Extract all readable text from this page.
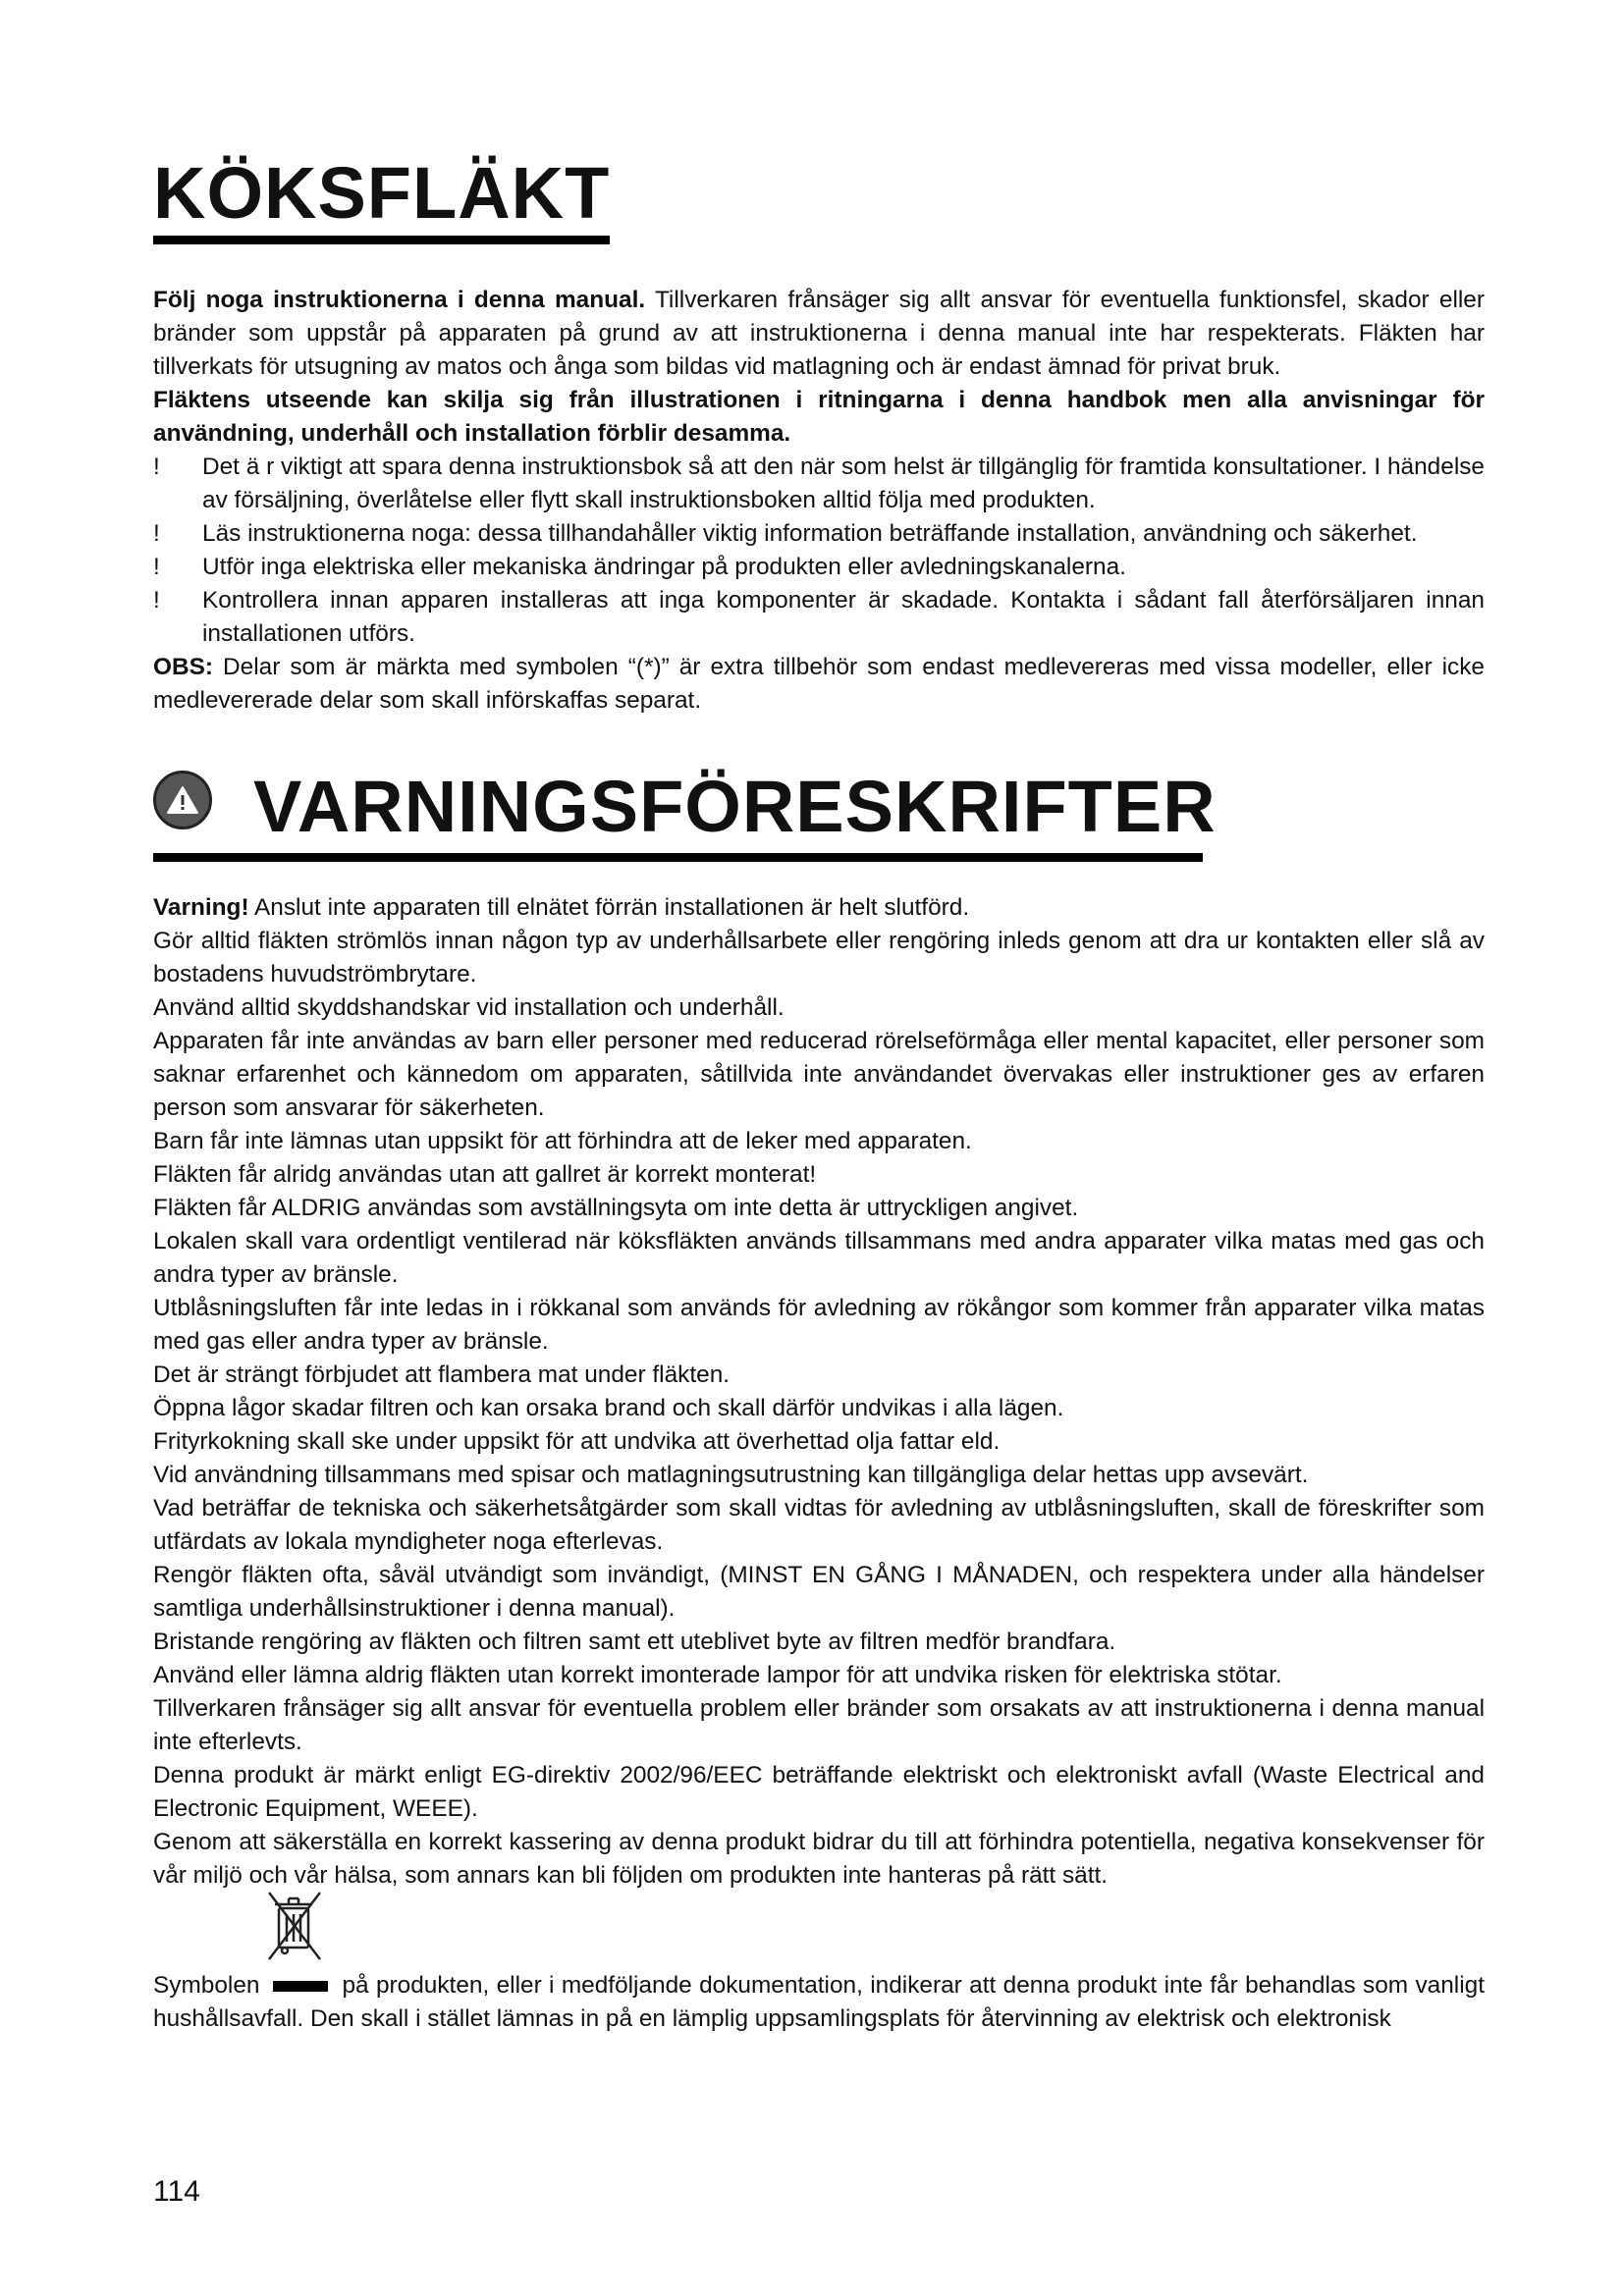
KÖKSFLÄKT

Följ noga instruktionerna i denna manual. Tillverkaren frånsäger sig allt ansvar för eventuella funktionsfel, skador eller bränder som uppstår på apparaten på grund av att instruktionerna i denna manual inte har respekterats. Fläkten har tillverkats för utsugning av matos och ånga som bildas vid matlagning och är endast ämnad för privat bruk.

Fläktens utseende kan skilja sig från illustrationen i ritningarna i denna handbok men alla anvisningar för användning, underhåll och installation förblir desamma.

!	Det ä r viktigt att spara denna instruktionsbok så att den när som helst är tillgänglig för framtida konsultationer. I händelse av försäljning, överlåtelse eller flytt skall instruktionsboken alltid följa med produkten.
!	Läs instruktionerna noga: dessa tillhandahåller viktig information beträffande installation, användning och säkerhet.
!	Utför inga elektriska eller mekaniska ändringar på produkten eller avledningskanalerna.
!	Kontrollera innan apparen installeras att inga komponenter är skadade. Kontakta i sådant fall återförsäljaren innan installationen utförs.

OBS: Delar som är märkta med symbolen “(*)” är extra tillbehör som endast medlevereras med vissa modeller, eller icke medlevererade delar som skall införskaffas separat.

VARNINGSFÖRESKRIFTER

Varning! Anslut inte apparaten till elnätet förrän installationen är helt slutförd.

Gör alltid fläkten strömlös innan någon typ av underhållsarbete eller rengöring inleds genom att dra ur kontakten eller slå av bostadens huvudströmbrytare.

Använd alltid skyddshandskar vid installation och underhåll.

Apparaten får inte användas av barn eller personer med reducerad rörelseförmåga eller mental kapacitet, eller personer som saknar erfarenhet och kännedom om apparaten, såtillvida inte användandet övervakas eller instruktioner ges av erfaren person som ansvarar för säkerheten.

Barn får inte lämnas utan uppsikt för att förhindra att de leker med apparaten.

Fläkten får alridg användas utan att gallret är korrekt monterat!

Fläkten får ALDRIG användas som avställningsyta om inte detta är uttryckligen angivet.

Lokalen skall vara ordentligt ventilerad när köksfläkten används tillsammans med andra apparater vilka matas med gas och andra typer av bränsle.

Utblåsningsluften får inte ledas in i rökkanal som används för avledning av rökångor som kommer från apparater vilka matas med gas eller andra typer av bränsle.

Det är strängt förbjudet att flambera mat under fläkten.

Öppna lågor skadar filtren och kan orsaka brand och skall därför undvikas i alla lägen.

Frityrkokning skall ske under uppsikt för att undvika att överhettad olja fattar eld.

Vid användning tillsammans med spisar och matlagningsutrustning kan tillgängliga delar hettas upp avsevärt.

Vad beträffar de tekniska och säkerhetsåtgärder som skall vidtas för avledning av utblåsningsluften, skall de föreskrifter som utfärdats av lokala myndigheter noga efterlevas.

Rengör fläkten ofta, såväl utvändigt som invändigt, (MINST EN GÅNG I MÅNADEN, och respektera under alla händelser samtliga underhållsinstruktioner i denna manual).

Bristande rengöring av fläkten och filtren samt ett uteblivet byte av filtren medför brandfara.

Använd eller lämna aldrig fläkten utan korrekt imonterade lampor för att undvika risken för elektriska stötar.

Tillverkaren frånsäger sig allt ansvar för eventuella problem eller bränder som orsakats av att instruktionerna i denna manual inte efterlevts.

Denna produkt är märkt enligt EG-direktiv 2002/96/EEC beträffande elektriskt och elektroniskt avfall (Waste Electrical and Electronic Equipment, WEEE).

Genom att säkerställa en korrekt kassering av denna produkt bidrar du till att förhindra potentiella, negativa konsekvenser för vår miljö och vår hälsa, som annars kan bli följden om produkten inte hanteras på rätt sätt.

Symbolen	på produkten, eller i medföljande dokumentation, indikerar att denna produkt inte får behandlas som vanligt hushållsavfall. Den skall i stället lämnas in på en lämplig uppsamlingsplats för återvinning av elektrisk och elektronisk

114
